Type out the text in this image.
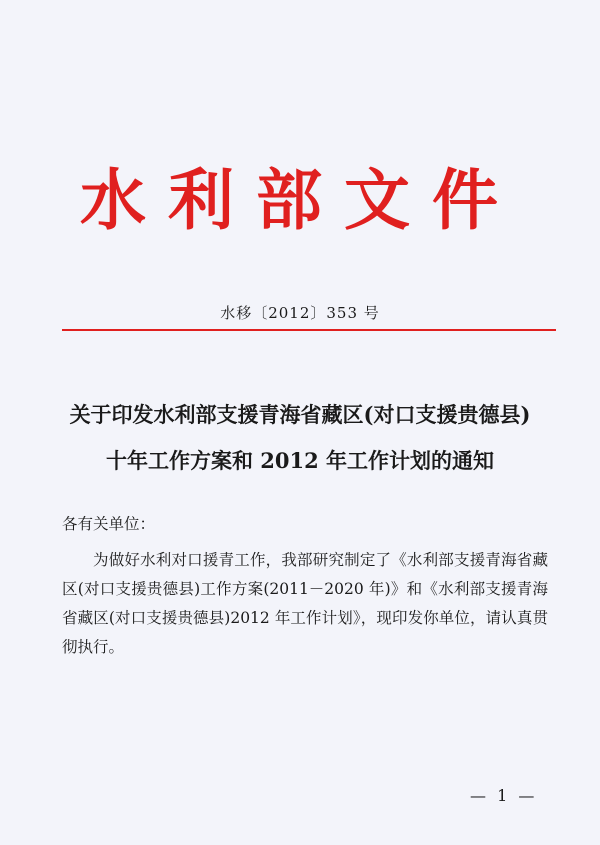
水利部文件
水移〔2012〕353 号
关于印发水利部支援青海省藏区(对口支援贵德县)
十年工作方案和 2012 年工作计划的通知
各有关单位：
为做好水利对口援青工作，我部研究制定了《水利部支援青海省藏区(对口支援贵德县)工作方案(2011－2020 年)》和《水利部支援青海省藏区(对口支援贵德县)2012 年工作计划》，现印发你单位，请认真贯彻执行。
— 1 —
